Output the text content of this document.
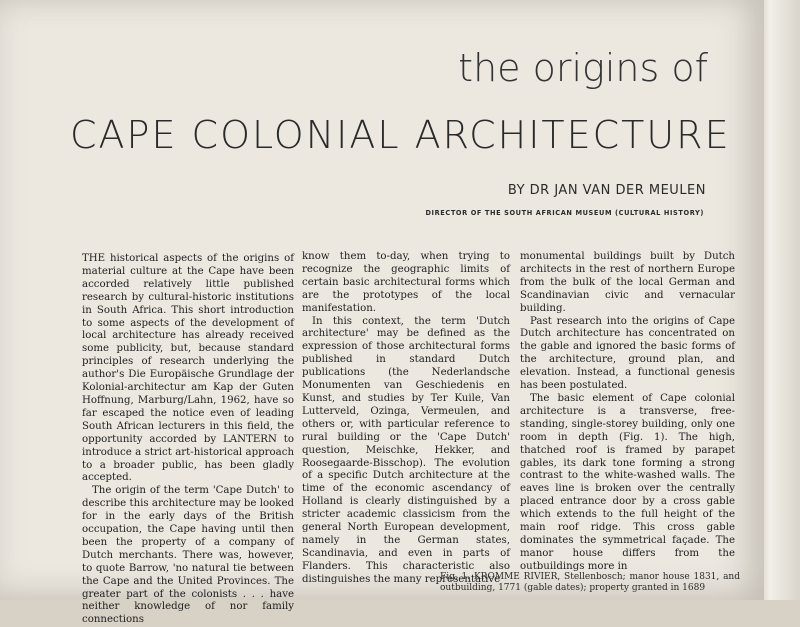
the origins of
CAPE COLONIAL ARCHITECTURE
BY DR JAN VAN DER MEULEN
DIRECTOR OF THE SOUTH AFRICAN MUSEUM (CULTURAL HISTORY)

THE historical aspects of the origins of material culture at the Cape have been accorded relatively little published research by cultural-historic institutions in South Africa. This short introduction to some aspects of the development of local architecture has already received some publicity, but, because standard principles of research underlying the author's Die Europäische Grundlage der Kolonial-architectur am Kap der Guten Hoffnung, Marburg/Lahn, 1962, have so far escaped the notice even of leading South African lecturers in this field, the opportunity accorded by LANTERN to introduce a strict art-historical approach to a broader public, has been gladly accepted.

The origin of the term 'Cape Dutch' to describe this architecture may be looked for in the early days of the British occupation, the Cape having until then been the property of a company of Dutch merchants. There was, however, to quote Barrow, 'no natural tie between the Cape and the United Provinces. The greater part of the colonists . . . have neither knowledge of nor family connections

know them to-day, when trying to recognize the geographic limits of certain basic architectural forms which are the prototypes of the local manifestation.

In this context, the term 'Dutch architecture' may be defined as the expression of those architectural forms published in standard Dutch publications (the Nederlandsche Monumenten van Geschiedenis en Kunst, and studies by Ter Kuile, Van Lutterveld, Ozinga, Vermeulen, and others or, with particular reference to rural building or the 'Cape Dutch' question, Meischke, Hekker, and Roosegaarde-Bisschop). The evolution of a specific Dutch architecture at the time of the economic ascendancy of Holland is clearly distinguished by a stricter academic classicism from the general North European development, namely in the German states, Scandinavia, and even in parts of Flanders. This characteristic also distinguishes the many representative

monumental buildings built by Dutch architects in the rest of northern Europe from the bulk of the local German and Scandinavian civic and vernacular building.

Past research into the origins of Cape Dutch architecture has concentrated on the gable and ignored the basic forms of the architecture, ground plan, and elevation. Instead, a functional genesis has been postulated.

The basic element of Cape colonial architecture is a transverse, free-standing, single-storey building, only one room in depth (Fig. 1). The high, thatched roof is framed by parapet gables, its dark tone forming a strong contrast to the white-washed walls. The eaves line is broken over the centrally placed entrance door by a cross gable which extends to the full height of the main roof ridge. This cross gable dominates the symmetrical façade. The manor house differs from the outbuildings more in

Fig. 1. KROMME RIVIER, Stellenbosch; manor house 1831, and outbuilding, 1771 (gable dates); property granted in 1689
